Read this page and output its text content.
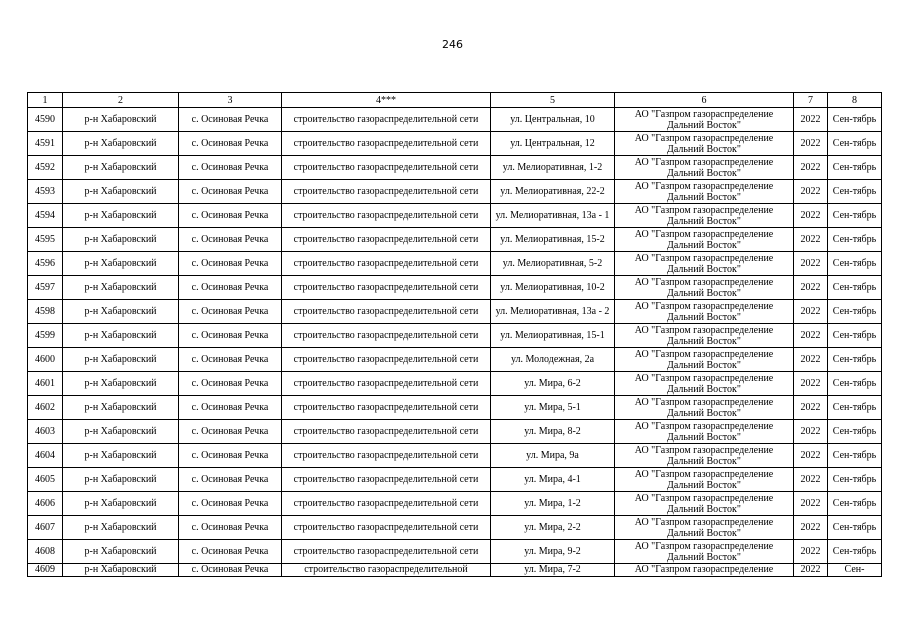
246
1	2	3	4***	5	6	7	8
4590	р-н Хабаровский	с. Осиновая Речка	строительство газораспределительной сети	ул. Центральная, 10	АО "Газпром газораспределение Дальний Восток"	2022	Сен-тябрь
4591	р-н Хабаровский	с. Осиновая Речка	строительство газораспределительной сети	ул. Центральная, 12	АО "Газпром газораспределение Дальний Восток"	2022	Сен-тябрь
4592	р-н Хабаровский	с. Осиновая Речка	строительство газораспределительной сети	ул. Мелиоративная, 1-2	АО "Газпром газораспределение Дальний Восток"	2022	Сен-тябрь
4593	р-н Хабаровский	с. Осиновая Речка	строительство газораспределительной сети	ул. Мелиоративная, 22-2	АО "Газпром газораспределение Дальний Восток"	2022	Сен-тябрь
4594	р-н Хабаровский	с. Осиновая Речка	строительство газораспределительной сети	ул. Мелиоративная, 13а - 1	АО "Газпром газораспределение Дальний Восток"	2022	Сен-тябрь
4595	р-н Хабаровский	с. Осиновая Речка	строительство газораспределительной сети	ул. Мелиоративная, 15-2	АО "Газпром газораспределение Дальний Восток"	2022	Сен-тябрь
4596	р-н Хабаровский	с. Осиновая Речка	строительство газораспределительной сети	ул. Мелиоративная, 5-2	АО "Газпром газораспределение Дальний Восток"	2022	Сен-тябрь
4597	р-н Хабаровский	с. Осиновая Речка	строительство газораспределительной сети	ул. Мелиоративная, 10-2	АО "Газпром газораспределение Дальний Восток"	2022	Сен-тябрь
4598	р-н Хабаровский	с. Осиновая Речка	строительство газораспределительной сети	ул. Мелиоративная, 13а - 2	АО "Газпром газораспределение Дальний Восток"	2022	Сен-тябрь
4599	р-н Хабаровский	с. Осиновая Речка	строительство газораспределительной сети	ул. Мелиоративная, 15-1	АО "Газпром газораспределение Дальний Восток"	2022	Сен-тябрь
4600	р-н Хабаровский	с. Осиновая Речка	строительство газораспределительной сети	ул. Молодежная, 2а	АО "Газпром газораспределение Дальний Восток"	2022	Сен-тябрь
4601	р-н Хабаровский	с. Осиновая Речка	строительство газораспределительной сети	ул. Мира, 6-2	АО "Газпром газораспределение Дальний Восток"	2022	Сен-тябрь
4602	р-н Хабаровский	с. Осиновая Речка	строительство газораспределительной сети	ул. Мира, 5-1	АО "Газпром газораспределение Дальний Восток"	2022	Сен-тябрь
4603	р-н Хабаровский	с. Осиновая Речка	строительство газораспределительной сети	ул. Мира, 8-2	АО "Газпром газораспределение Дальний Восток"	2022	Сен-тябрь
4604	р-н Хабаровский	с. Осиновая Речка	строительство газораспределительной сети	ул. Мира, 9а	АО "Газпром газораспределение Дальний Восток"	2022	Сен-тябрь
4605	р-н Хабаровский	с. Осиновая Речка	строительство газораспределительной сети	ул. Мира, 4-1	АО "Газпром газораспределение Дальний Восток"	2022	Сен-тябрь
4606	р-н Хабаровский	с. Осиновая Речка	строительство газораспределительной сети	ул. Мира, 1-2	АО "Газпром газораспределение Дальний Восток"	2022	Сен-тябрь
4607	р-н Хабаровский	с. Осиновая Речка	строительство газораспределительной сети	ул. Мира, 2-2	АО "Газпром газораспределение Дальний Восток"	2022	Сен-тябрь
4608	р-н Хабаровский	с. Осиновая Речка	строительство газораспределительной сети	ул. Мира, 9-2	АО "Газпром газораспределение Дальний Восток"	2022	Сен-тябрь
4609	р-н Хабаровский	с. Осиновая Речка	строительство газораспределительной	ул. Мира, 7-2	АО "Газпром газораспределение	2022	Сен-
